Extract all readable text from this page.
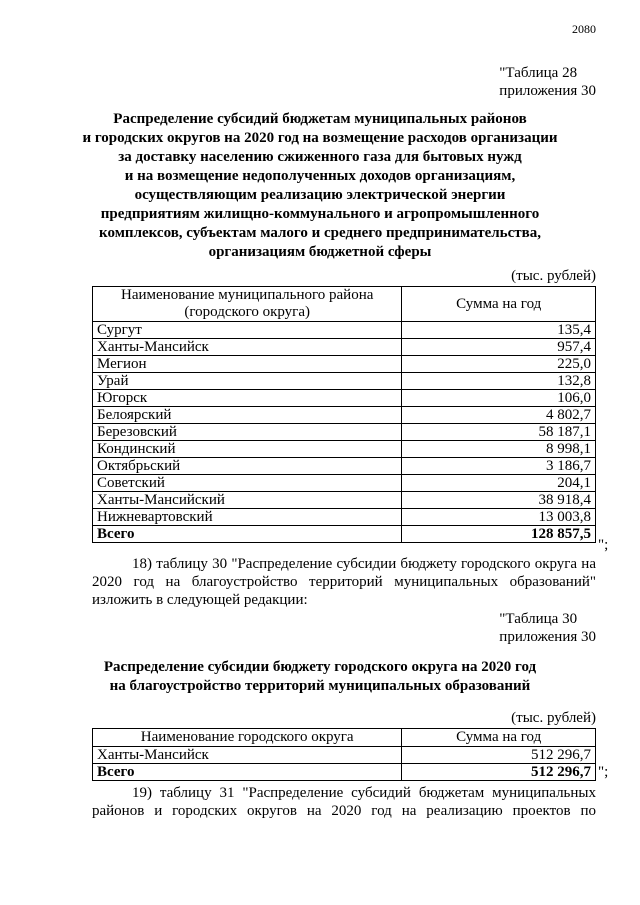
2080
"Таблица 28
приложения 30
Распределение субсидий бюджетам муниципальных районов
и городских округов на 2020 год на возмещение расходов организации
за доставку населению сжиженного газа для бытовых нужд
и на возмещение недополученных доходов организациям,
осуществляющим реализацию электрической энергии
предприятиям жилищно-коммунального и агропромышленного
комплексов, субъектам малого и среднего предпринимательства,
организациям бюджетной сферы
(тыс. рублей)
Наименование муниципального района
(городского округа)	Сумма на год
Сургут	135,4
Ханты-Мансийск	957,4
Мегион	225,0
Урай	132,8
Югорск	106,0
Белоярский	4 802,7
Березовский	58 187,1
Кондинский	8 998,1
Октябрьский	3 186,7
Советский	204,1
Ханты-Мансийский	38 918,4
Нижневартовский	13 003,8
Всего	128 857,5
";
18) таблицу 30 "Распределение субсидии бюджету городского округа на
2020 год на благоустройство территорий муниципальных образований"
изложить в следующей редакции:
"Таблица 30
приложения 30
Распределение субсидии бюджету городского округа на 2020 год
на благоустройство территорий муниципальных образований
(тыс. рублей)
Наименование городского округа	Сумма на год
Ханты-Мансийск	512 296,7
Всего	512 296,7 ";
19) таблицу 31 "Распределение субсидий бюджетам муниципальных
районов и городских округов на 2020 год на реализацию проектов по
